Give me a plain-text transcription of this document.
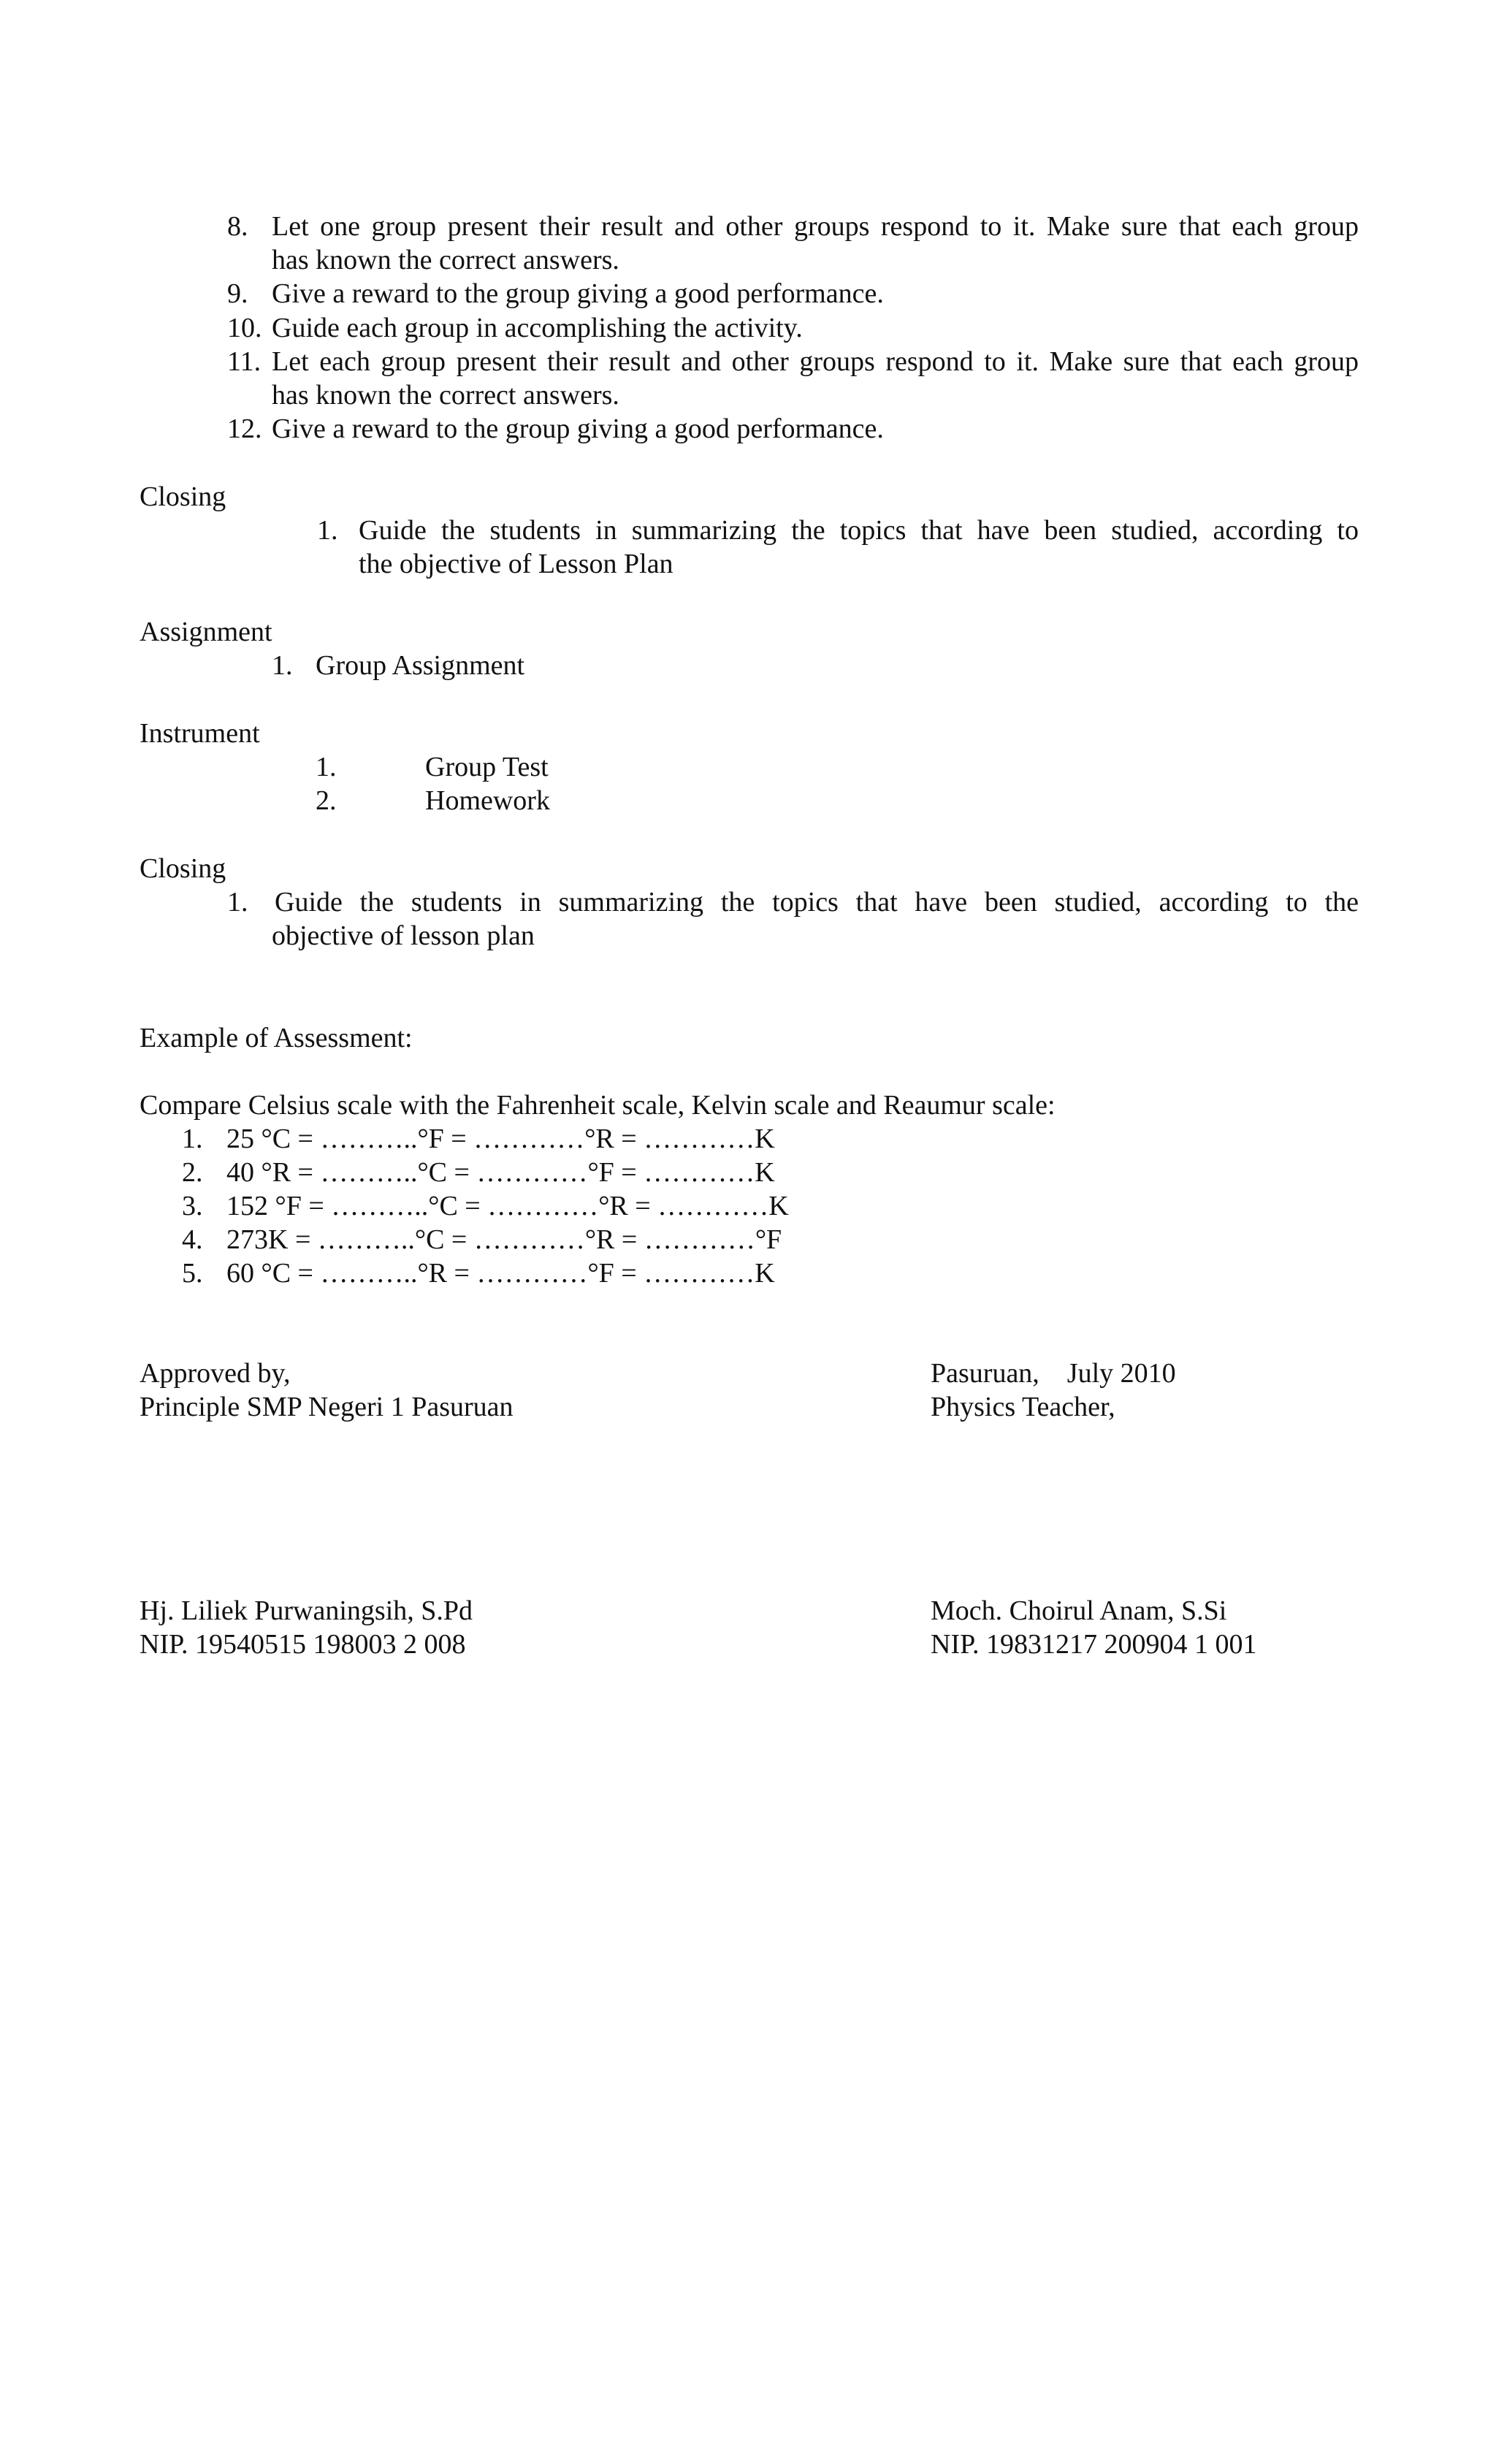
8. Let one group present their result and other groups respond to it. Make sure that each group
has known the correct answers.
9. Give a reward to the group giving a good performance.
10. Guide each group in accomplishing the activity.
11. Let each group present their result and other groups respond to it. Make sure that each group
has known the correct answers.
12. Give a reward to the group giving a good performance.
Closing
1. Guide the students in summarizing the topics that have been studied, according to
the objective of Lesson Plan
Assignment
1. Group Assignment
Instrument
1.	Group Test
2.	Homework
Closing
1. Guide the students in summarizing the topics that have been studied, according to the
objective of lesson plan
Example of Assessment:
Compare Celsius scale with the Fahrenheit scale, Kelvin scale and Reaumur scale:
1. 25 °C = ………..°F = …………°R = …………K
2. 40 °R = ………..°C = …………°F = …………K
3. 152 °F = ………..°C = …………°R = …………K
4. 273K = ………..°C = …………°R = …………°F
5. 60 °C = ………..°R = …………°F = …………K
Approved by,
Principle SMP Negeri 1 Pasuruan
Hj. Liliek Purwaningsih, S.Pd
NIP. 19540515 198003 2 008
Pasuruan,    July 2010
Physics Teacher,
Moch. Choirul Anam, S.Si
NIP. 19831217 200904 1 001
